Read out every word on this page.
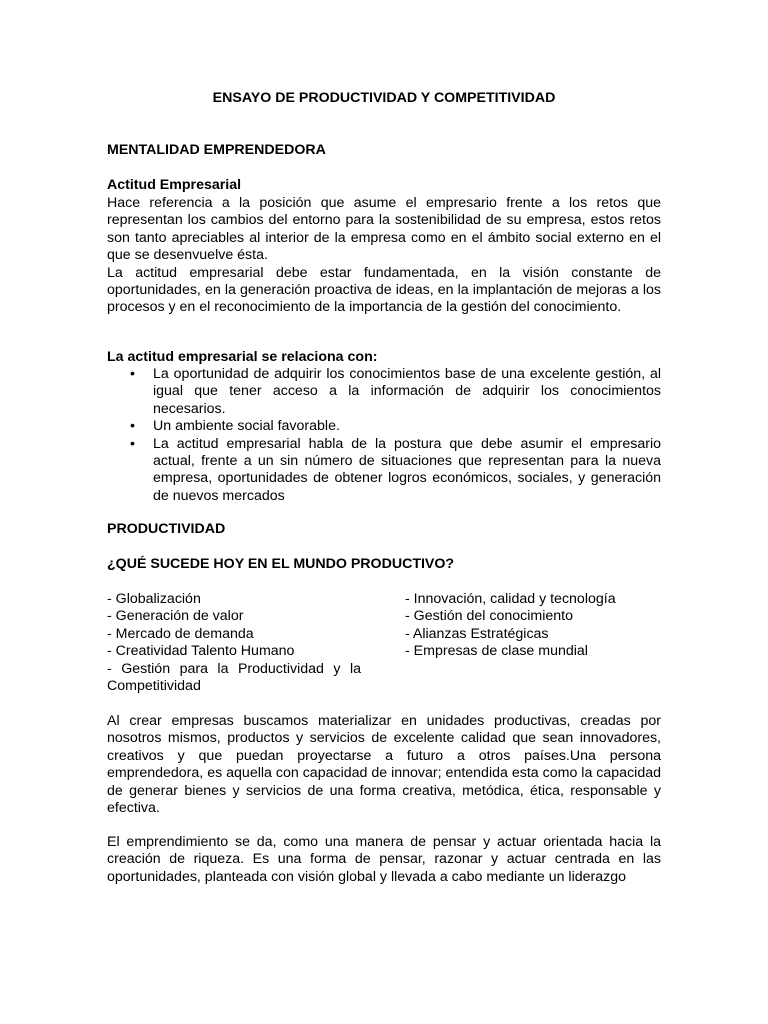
ENSAYO DE PRODUCTIVIDAD Y COMPETITIVIDAD
MENTALIDAD EMPRENDEDORA
Actitud Empresarial

Hace referencia a la posición que asume el empresario frente a los retos que representan los cambios del entorno para la sostenibilidad de su empresa, estos retos son tanto apreciables al interior de la empresa como en el ámbito social externo en el que se desenvuelve ésta.

La actitud empresarial debe estar fundamentada, en la visión constante de oportunidades, en la generación proactiva de ideas, en la implantación de mejoras a los procesos y en el reconocimiento de la importancia de la gestión del conocimiento.

La actitud empresarial se relaciona con:
• La oportunidad de adquirir los conocimientos base de una excelente gestión, al igual que tener acceso a la información de adquirir los conocimientos necesarios.
• Un ambiente social favorable.
• La actitud empresarial habla de la postura que debe asumir el empresario actual, frente a un sin número de situaciones que representan para la nueva empresa, oportunidades de obtener logros económicos, sociales, y generación de nuevos mercados
PRODUCTIVIDAD
¿QUÉ SUCEDE HOY EN EL MUNDO PRODUCTIVO?
- Globalización
- Generación de valor
- Mercado de demanda
- Creatividad Talento Humano
- Gestión para la Productividad y la Competitividad
- Innovación, calidad y tecnología
- Gestión del conocimiento
- Alianzas Estratégicas
- Empresas de clase mundial
Al crear empresas buscamos materializar en unidades productivas, creadas por nosotros mismos, productos y servicios de excelente calidad que sean innovadores, creativos y que puedan proyectarse a futuro a otros países.Una persona emprendedora, es aquella con capacidad de innovar; entendida esta como la capacidad de generar bienes y servicios de una forma creativa, metódica, ética, responsable y efectiva.
El emprendimiento se da, como una manera de pensar y actuar orientada hacia la creación de riqueza. Es una forma de pensar, razonar y actuar centrada en las oportunidades, planteada con visión global y llevada a cabo mediante un liderazgo
